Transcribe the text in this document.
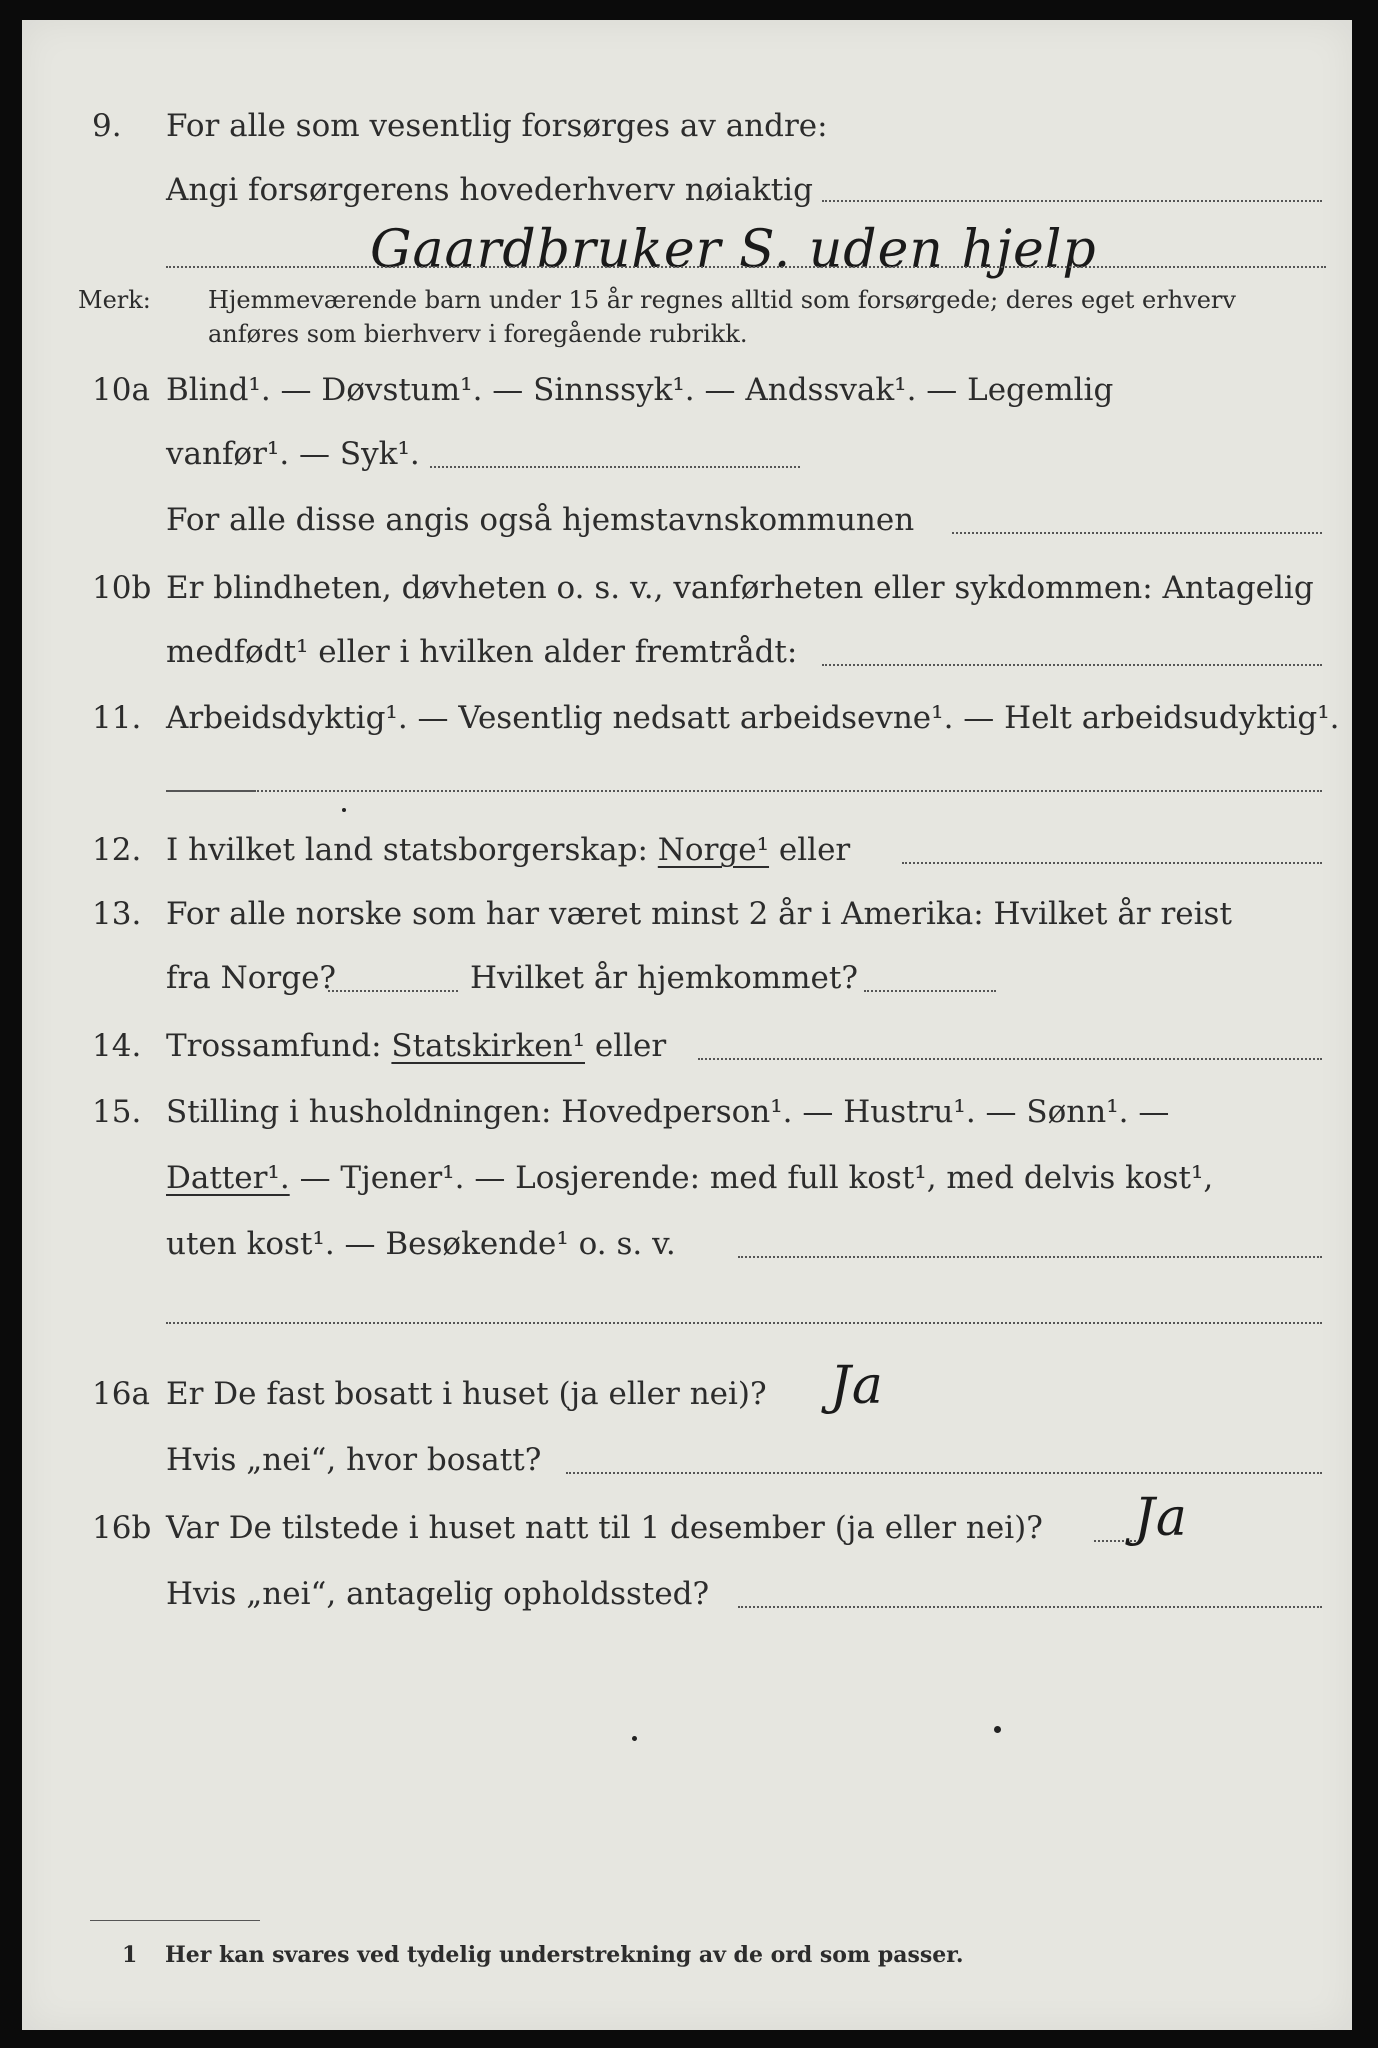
9. For alle som vesentlig forsørges av andre:
Angi forsørgerens hovederhverv nøiaktig
Gaardbruker S. uden hjelp
Merk: Hjemmeværende barn under 15 år regnes alltid som forsørgede; deres eget erhverv
anføres som bierhverv i foregående rubrikk.
10a Blind¹. — Døvstum¹. — Sinnssyk¹. — Andssvak¹. — Legemlig
vanfør¹. — Syk¹.
For alle disse angis også hjemstavnskommunen
10b Er blindheten, døvheten o. s. v., vanførheten eller sykdommen: Antagelig
medfødt¹ eller i hvilken alder fremtrådt:
11. Arbeidsdyktig¹. — Vesentlig nedsatt arbeidsevne¹. — Helt arbeidsudyktig¹.
12. I hvilket land statsborgerskap: Norge¹ eller
13. For alle norske som har været minst 2 år i Amerika: Hvilket år reist
fra Norge?	Hvilket år hjemkommet?
14. Trossamfund: Statskirken¹ eller
15. Stilling i husholdningen: Hovedperson¹. — Hustru¹. — Sønn¹. —
Datter¹. — Tjener¹. — Losjerende: med full kost¹, med delvis kost¹,
uten kost¹. — Besøkende¹ o. s. v.
16a Er De fast bosatt i huset (ja eller nei)? Ja
Hvis „nei“, hvor bosatt?
16b Var De tilstede i huset natt til 1 desember (ja eller nei)? Ja
Hvis „nei“, antagelig opholdssted?
1 Her kan svares ved tydelig understrekning av de ord som passer.
